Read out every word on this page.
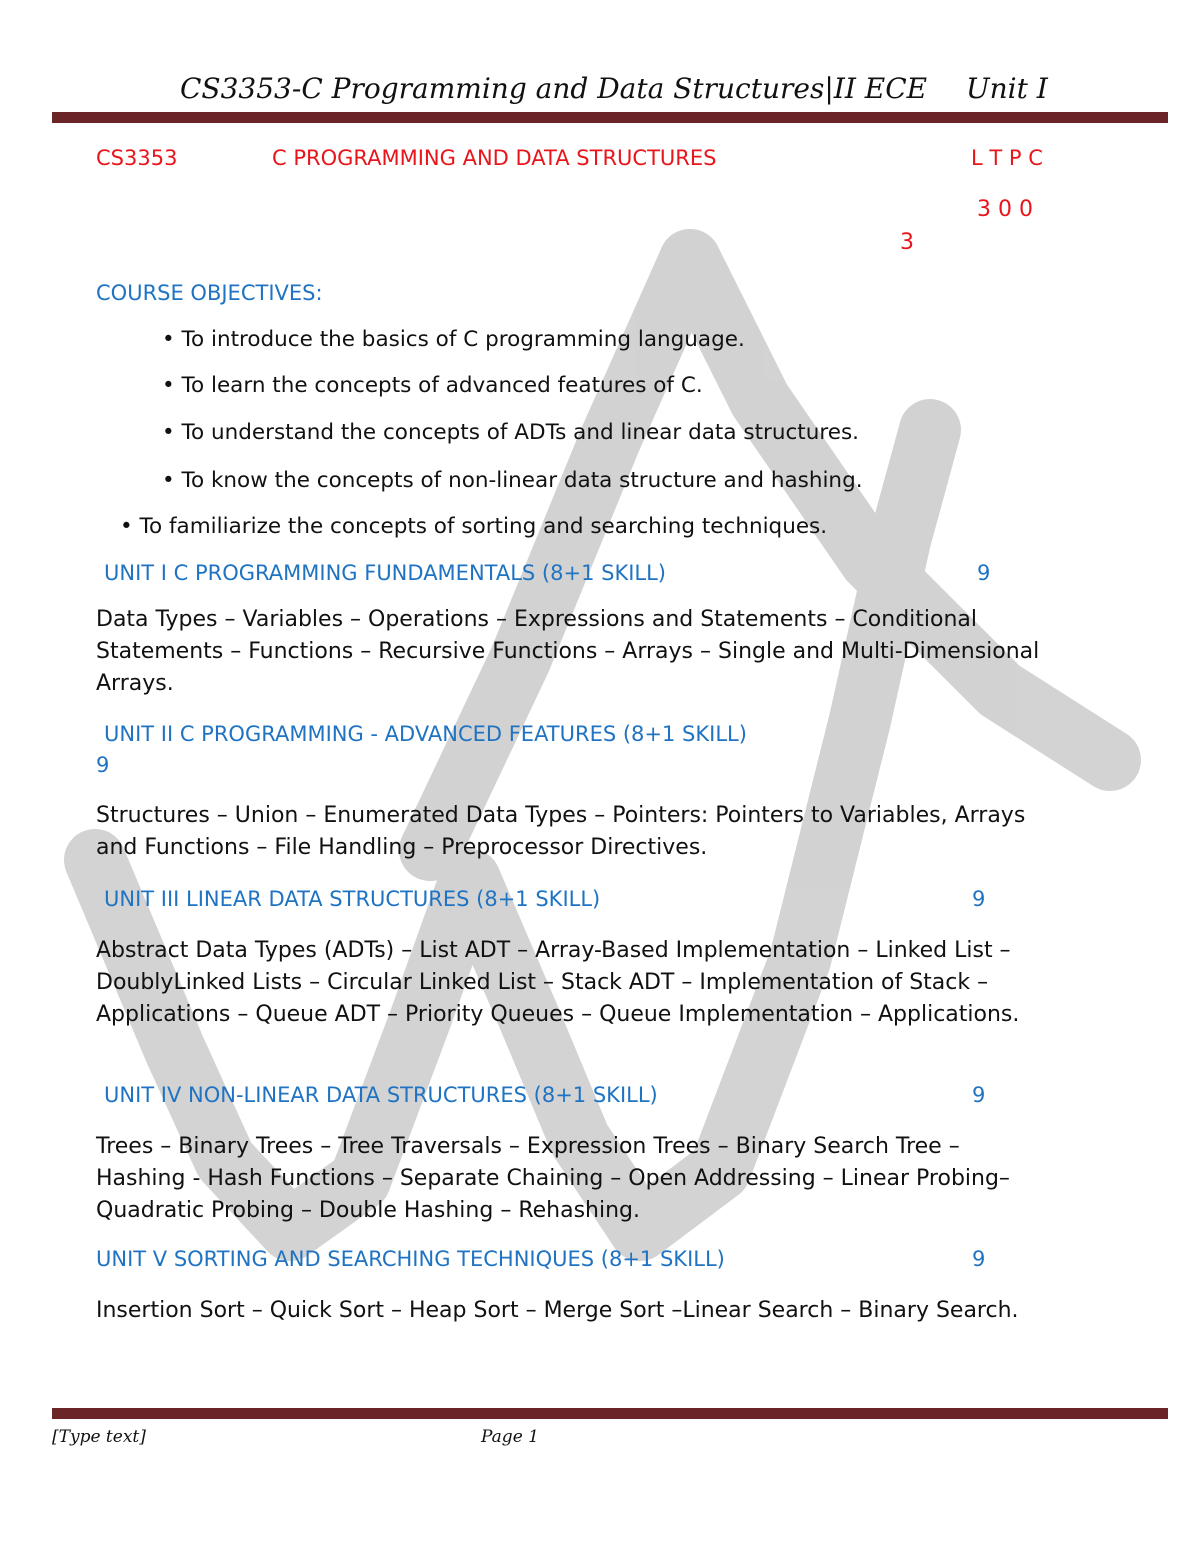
CS3353-C Programming and Data Structures|II ECE Unit I
CS3353	C PROGRAMMING AND DATA STRUCTURES	L T P C
3 0 0
3
COURSE OBJECTIVES:
• To introduce the basics of C programming language.
• To learn the concepts of advanced features of C.
• To understand the concepts of ADTs and linear data structures.
• To know the concepts of non-linear data structure and hashing.
• To familiarize the concepts of sorting and searching techniques.
UNIT I C PROGRAMMING FUNDAMENTALS (8+1 SKILL)	9
Data Types – Variables – Operations – Expressions and Statements – Conditional Statements – Functions – Recursive Functions – Arrays – Single and Multi-Dimensional Arrays.
UNIT II C PROGRAMMING - ADVANCED FEATURES (8+1 SKILL)
9
Structures – Union – Enumerated Data Types – Pointers: Pointers to Variables, Arrays and Functions – File Handling – Preprocessor Directives.
UNIT III LINEAR DATA STRUCTURES (8+1 SKILL)	9
Abstract Data Types (ADTs) – List ADT – Array-Based Implementation – Linked List – DoublyLinked Lists – Circular Linked List – Stack ADT – Implementation of Stack – Applications – Queue ADT – Priority Queues – Queue Implementation – Applications.
UNIT IV NON-LINEAR DATA STRUCTURES (8+1 SKILL)	9
Trees – Binary Trees – Tree Traversals – Expression Trees – Binary Search Tree – Hashing - Hash Functions – Separate Chaining – Open Addressing – Linear Probing– Quadratic Probing – Double Hashing – Rehashing.
UNIT V SORTING AND SEARCHING TECHNIQUES (8+1 SKILL)	9
Insertion Sort – Quick Sort – Heap Sort – Merge Sort –Linear Search – Binary Search.
[Type text]	Page 1
